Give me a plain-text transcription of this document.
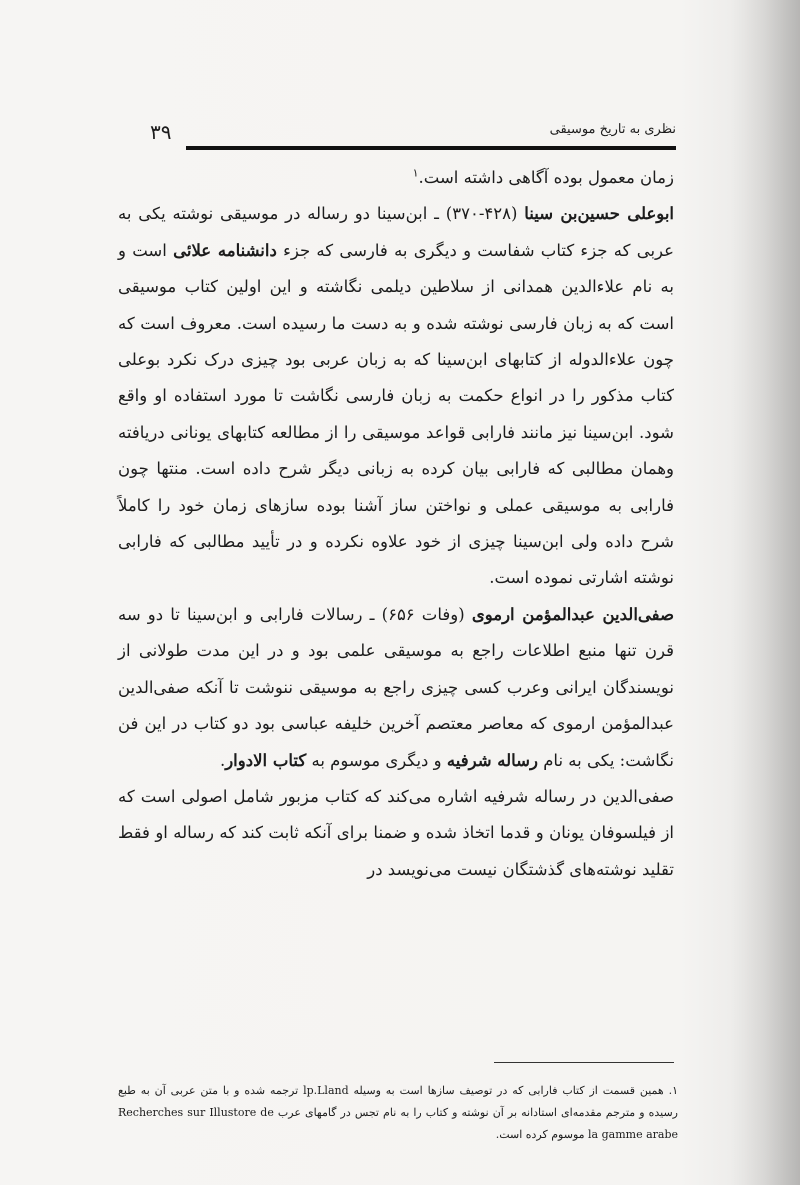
۳۹	نظری به تاریخ موسیقی

زمان معمول بوده آگاهی داشته است.$^۱$

ابوعلی حسین‌بن سینا (۴۲۸-۳۷۰) ـ ابن‌سینا دو رساله در موسیقی نوشته یکی به عربی که جزء کتاب شفاست و دیگری به فارسی که جزء دانشنامه علائی است و به نام علاءالدین همدانی از سلاطین دیلمی نگاشته و این اولین کتاب موسیقی است که به زبان فارسی نوشته شده و به دست ما رسیده است. معروف است که چون علاءالدوله از کتابهای ابن‌سینا که به زبان عربی بود چیزی درک نکرد بوعلی کتاب مذکور را در انواع حکمت به زبان فارسی نگاشت تا مورد استفاده او واقع شود. ابن‌سینا نیز مانند فارابی قواعد موسیقی را از مطالعه کتابهای یونانی دریافته وهمان مطالبی که فارابی بیان کرده به زبانی دیگر شرح داده است. منتها چون فارابی به موسیقی عملی و نواختن ساز آشنا بوده سازهای زمان خود را کاملاً شرح داده ولی ابن‌سینا چیزی از خود علاوه نکرده و در تأیید مطالبی که فارابی نوشته اشارتی نموده است.

صفی‌الدین عبدالمؤمن ارموی (وفات ۶۵۶) ـ رسالات فارابی و ابن‌سینا تا دو سه قرن تنها منبع اطلاعات راجع به موسیقی علمی بود و در این مدت طولانی از نویسندگان ایرانی وعرب کسی چیزی راجع به موسیقی ننوشت تا آنکه صفی‌الدین عبدالمؤمن ارموی که معاصر معتصم آخرین خلیفه عباسی بود دو کتاب در این فن نگاشت: یکی به نام رساله شرفیه و دیگری موسوم به کتاب الادوار.

صفی‌الدین در رساله شرفیه اشاره می‌کند که کتاب مزبور شامل اصولی است که از فیلسوفان یونان و قدما اتخاذ شده و ضمنا برای آنکه ثابت کند که رساله او فقط تقلید نوشته‌های گذشتگان نیست می‌نویسد در

۱. همین قسمت از کتاب فارابی که در توصیف سازها است به وسیله lp.Lland ترجمه شده و با متن عربی آن به طبع رسیده و مترجم مقدمه‌ای استادانه بر آن نوشته و کتاب را به نام تجس در گامهای عرب Recherches sur Illustore de la gamme arabe موسوم کرده است.
